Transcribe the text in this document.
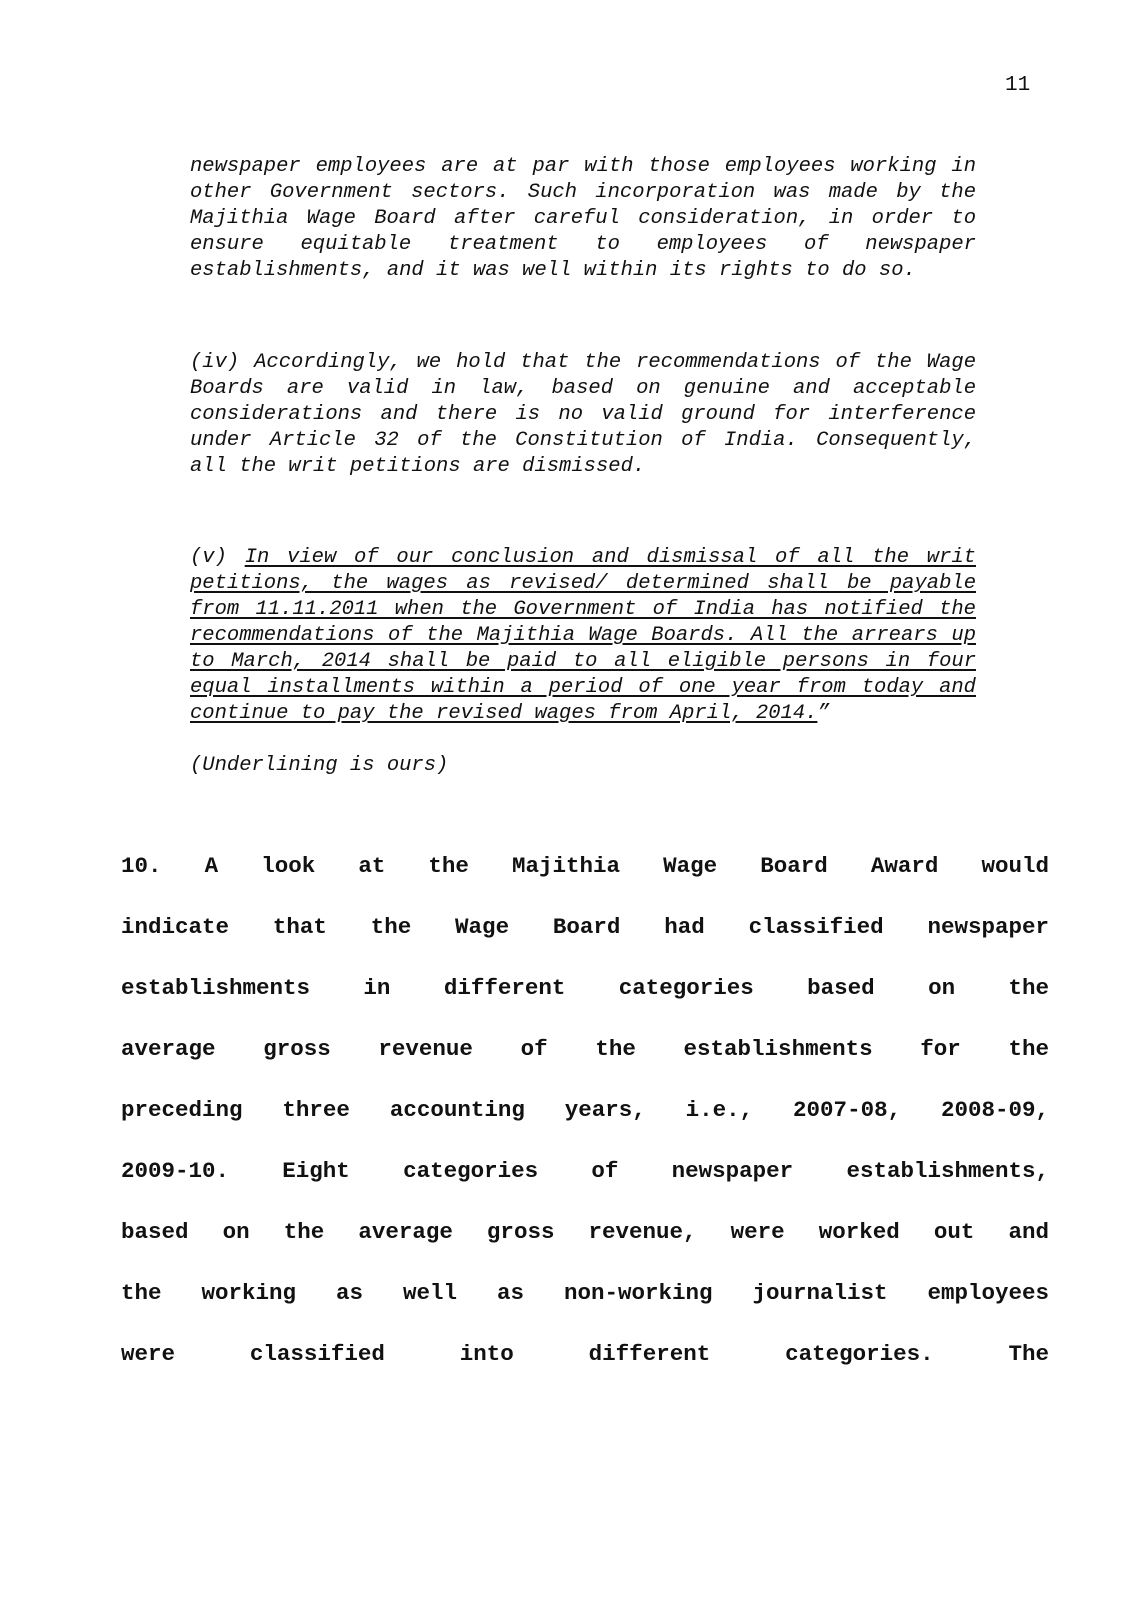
11
newspaper employees are at par with those employees working in other Government sectors. Such incorporation was made by the Majithia Wage Board after careful consideration, in order to ensure equitable treatment to employees of newspaper establishments, and it was well within its rights to do so.
(iv) Accordingly, we hold that the recommendations of the Wage Boards are valid in law, based on genuine and acceptable considerations and there is no valid ground for interference under Article 32 of the Constitution of India. Consequently, all the writ petitions are dismissed.
(v) In view of our conclusion and dismissal of all the writ petitions, the wages as revised/ determined shall be payable from 11.11.2011 when the Government of India has notified the recommendations of the Majithia Wage Boards. All the arrears up to March, 2014 shall be paid to all eligible persons in four equal installments within a period of one year from today and continue to pay the revised wages from April, 2014.”
(Underlining is ours)
10. A look at the Majithia Wage Board Award would
indicate that the Wage Board had classified newspaper
establishments in different categories based on the
average gross revenue of the establishments for the
preceding three accounting years, i.e., 2007-08, 2008-09,
2009-10. Eight categories of newspaper establishments,
based on the average gross revenue, were worked out and
the working as well as non-working journalist employees
were classified into different categories. The
